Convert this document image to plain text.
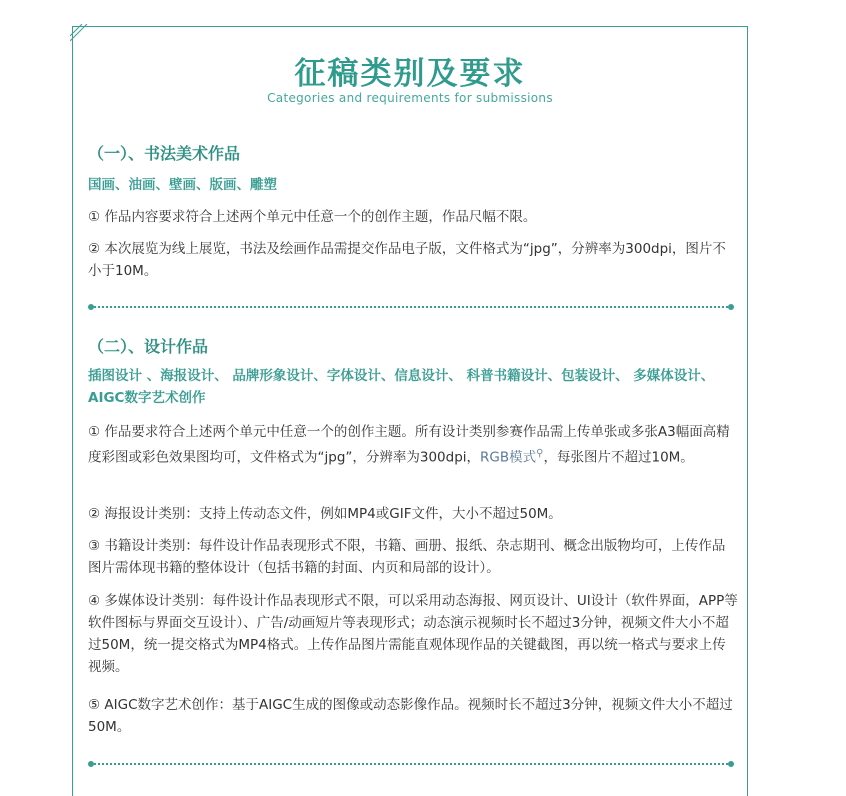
征稿类别及要求
Categories and requirements for submissions
（一）、书法美术作品

国画、油画、壁画、版画、雕塑

① 作品内容要求符合上述两个单元中任意一个的创作主题，作品尺幅不限。

② 本次展览为线上展览，书法及绘画作品需提交作品电子版，文件格式为“jpg”，分辨率为300dpi，图片不小于10M。

（二）、设计作品

插图设计 、海报设计、 品牌形象设计、字体设计、信息设计、 科普书籍设计、包装设计、 多媒体设计、AIGC数字艺术创作

① 作品要求符合上述两个单元中任意一个的创作主题。所有设计类别参赛作品需上传单张或多张A3幅面高精度彩图或彩色效果图均可，文件格式为“jpg”，分辨率为300dpi，RGB模式⚲，每张图片不超过10M。

② 海报设计类别：支持上传动态文件，例如MP4或GIF文件，大小不超过50M。

③ 书籍设计类别：每件设计作品表现形式不限，书籍、画册、报纸、杂志期刊、概念出版物均可，上传作品图片需体现书籍的整体设计（包括书籍的封面、内页和局部的设计）。

④ 多媒体设计类别：每件设计作品表现形式不限，可以采用动态海报、网页设计、UI设计（软件界面，APP等软件图标与界面交互设计）、广告/动画短片等表现形式；动态演示视频时长不超过3分钟，视频文件大小不超过50M，统一提交格式为MP4格式。上传作品图片需能直观体现作品的关键截图，再以统一格式与要求上传视频。

⑤ AIGC数字艺术创作：基于AIGC生成的图像或动态影像作品。视频时长不超过3分钟，视频文件大小不超过50M。
